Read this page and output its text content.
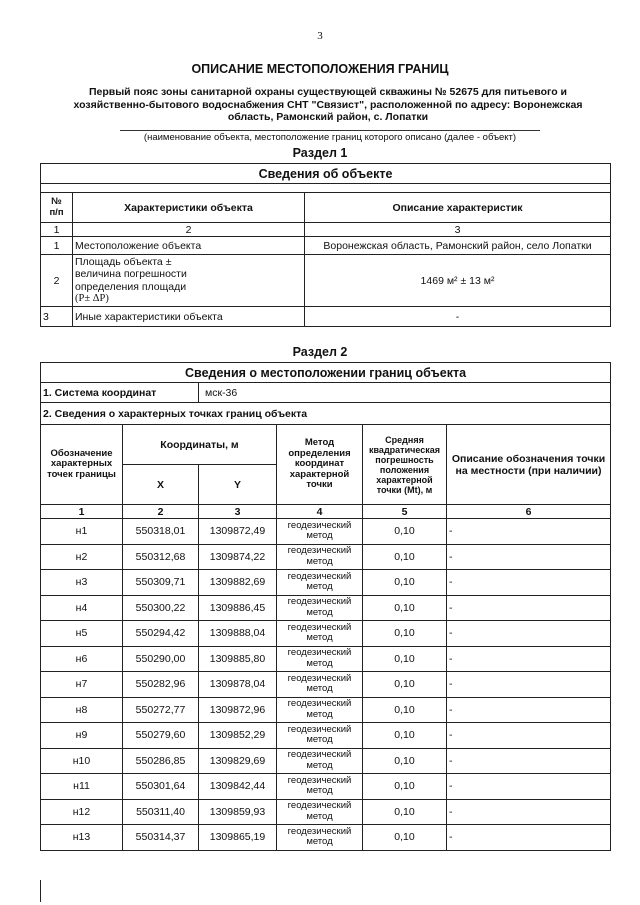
3
ОПИСАНИЕ МЕСТОПОЛОЖЕНИЯ ГРАНИЦ
Первый пояс зоны санитарной охраны существующей скважины № 52675 для питьевого и
хозяйственно-бытового водоснабжения СНТ "Связист", расположенной по адресу: Воронежская
область, Рамонский район, с. Лопатки
(наименование объекта, местоположение границ которого описано (далее - объект)
Раздел 1
Сведения об объекте		

№
п/п	Характеристики объекта	Описание характеристик
1	2	3
1	Местоположение объекта	Воронежская область, Рамонский район, село Лопатки
2	Площадь объекта ±
величина погрешности
определения площади
(Р± ΔР)	1469 м² ± 13 м²
3	Иные характеристики объекта	-
Раздел 2
Сведения о местоположении границ объекта					
1. Система координат		мск-36			
2. Сведения о характерных точках границ объекта					
Обозначение характерных точек границы	Координаты, м		Метод определения координат характерной точки	Средняя квадратическая погрешность положения характерной точки (Мt), м	Описание обозначения точки на местности (при наличии)
	X	Y			
1	2	3	4	5	6
н1	550318,01	1309872,49	геодезический
метод	0,10	-
н2	550312,68	1309874,22	геодезический
метод	0,10	-
н3	550309,71	1309882,69	геодезический
метод	0,10	-
н4	550300,22	1309886,45	геодезический
метод	0,10	-
н5	550294,42	1309888,04	геодезический
метод	0,10	-
н6	550290,00	1309885,80	геодезический
метод	0,10	-
н7	550282,96	1309878,04	геодезический
метод	0,10	-
н8	550272,77	1309872,96	геодезический
метод	0,10	-
н9	550279,60	1309852,29	геодезический
метод	0,10	-
н10	550286,85	1309829,69	геодезический
метод	0,10	-
н11	550301,64	1309842,44	геодезический
метод	0,10	-
н12	550311,40	1309859,93	геодезический
метод	0,10	-
н13	550314,37	1309865,19	геодезический
метод	0,10	-
